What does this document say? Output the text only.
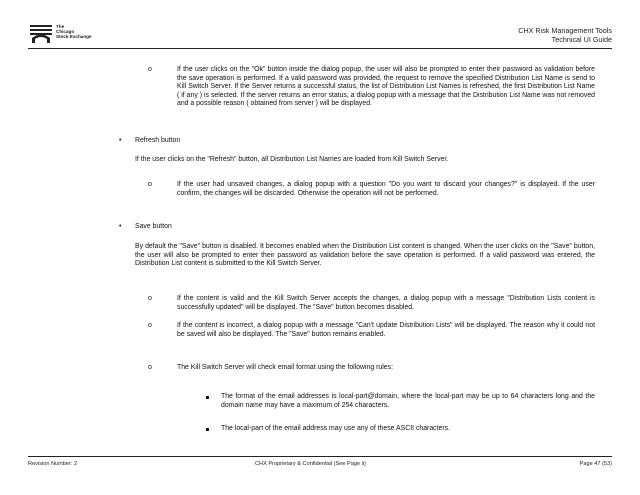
The
Chicago
Stock Exchange
CHX Risk Management Tools
Technical UI Guide
o	If the user clicks on the "Ok" button inside the dialog popup, the user will also be prompted to enter their password as validation before the save operation is performed. If a valid password was provided, the request to remove the specified Distribution List Name is send to Kill Switch Server. If the Server returns a successful status, the list of Distribution List Names is refreshed, the first Distribution List Name ( if any ) is selected. If the server returns an error status, a dialog popup with a message that the Distribution List Name was not removed and a possible reason ( obtained from server ) will be displayed.
• Refresh button
If the user clicks on the "Refresh" button, all Distribution List Names are loaded from Kill Switch Server.
o	If the user had unsaved changes, a dialog popup with a question "Do you want to discard your changes?" is displayed. If the user confirm, the changes will be discarded. Otherwise the operation will not be performed.
• Save button
By default the "Save" button is disabled. It becomes enabled when the Distribution List content is changed. When the user clicks on the "Save" button, the user will also be prompted to enter their password as validation before the save operation is performed. If a valid password was entered, the Distribution List content is submitted to the Kill Switch Server.
o	If the content is valid and the Kill Switch Server accepts the changes, a dialog popup with a message "Distribution Lists content is successfully updated" will be displayed. The "Save" button becomes disabled.
o	If the content is incorrect, a dialog popup with a message "Can't update Distribution Lists" will be displayed. The reason why it could not be saved will also be displayed. The "Save" button remains enabled.
o	The Kill Switch Server will check email format using the following rules:
The format of the email addresses is local-part@domain, where the local-part may be up to 64 characters long and the domain name may have a maximum of 254 characters.
The local-part of the email address may use any of these ASCII characters.
Revision Number: 2	CHX Proprietary & Confidential (See Page ii)	Page 47 (53)
